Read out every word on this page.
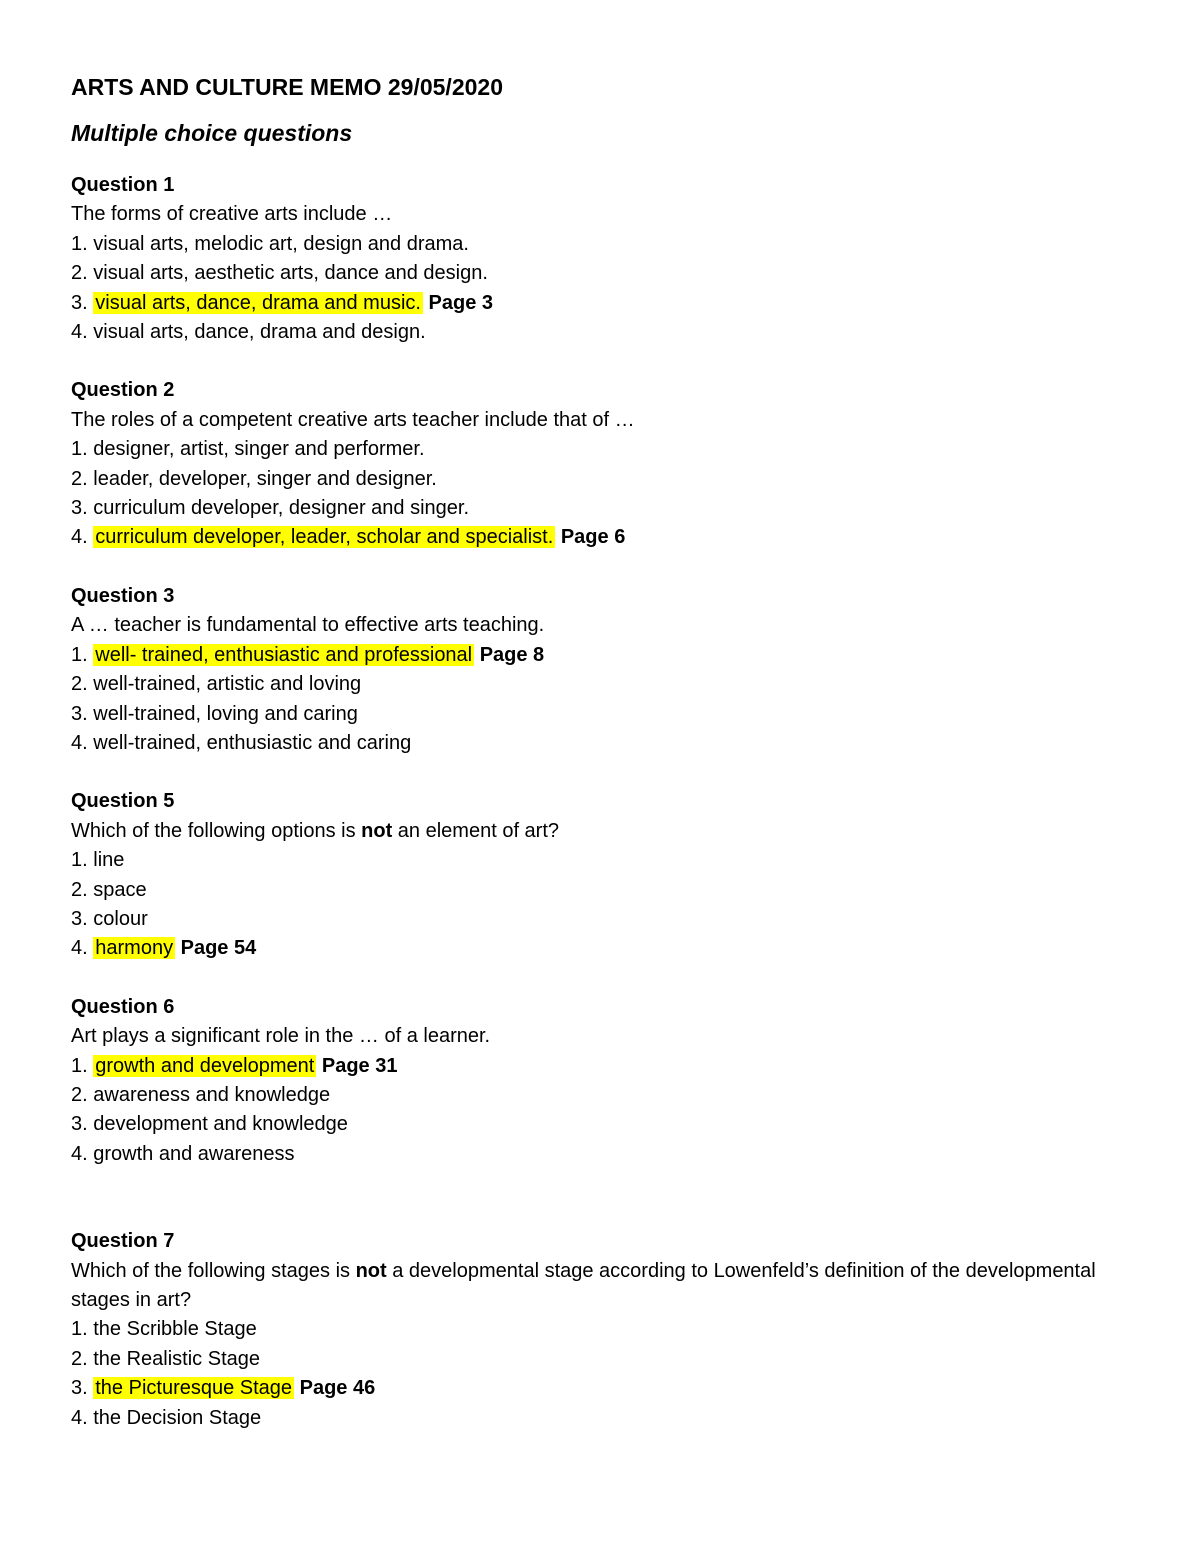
ARTS AND CULTURE MEMO 29/05/2020
Multiple choice questions
Question 1
The forms of creative arts include …
1. visual arts, melodic art, design and drama.
2. visual arts, aesthetic arts, dance and design.
3. visual arts, dance, drama and music. Page 3
4. visual arts, dance, drama and design.
Question 2
The roles of a competent creative arts teacher include that of …
1. designer, artist, singer and performer.
2. leader, developer, singer and designer.
3. curriculum developer, designer and singer.
4. curriculum developer, leader, scholar and specialist. Page 6
Question 3
A … teacher is fundamental to effective arts teaching.
1. well- trained, enthusiastic and professional Page 8
2. well-trained, artistic and loving
3. well-trained, loving and caring
4. well-trained, enthusiastic and caring
Question 5
Which of the following options is not an element of art?
1. line
2. space
3. colour
4. harmony Page 54
Question 6
Art plays a significant role in the … of a learner.
1. growth and development Page 31
2. awareness and knowledge
3. development and knowledge
4. growth and awareness
Question 7
Which of the following stages is not a developmental stage according to Lowenfeld’s definition of the developmental stages in art?
1. the Scribble Stage
2. the Realistic Stage
3. the Picturesque Stage Page 46
4. the Decision Stage
